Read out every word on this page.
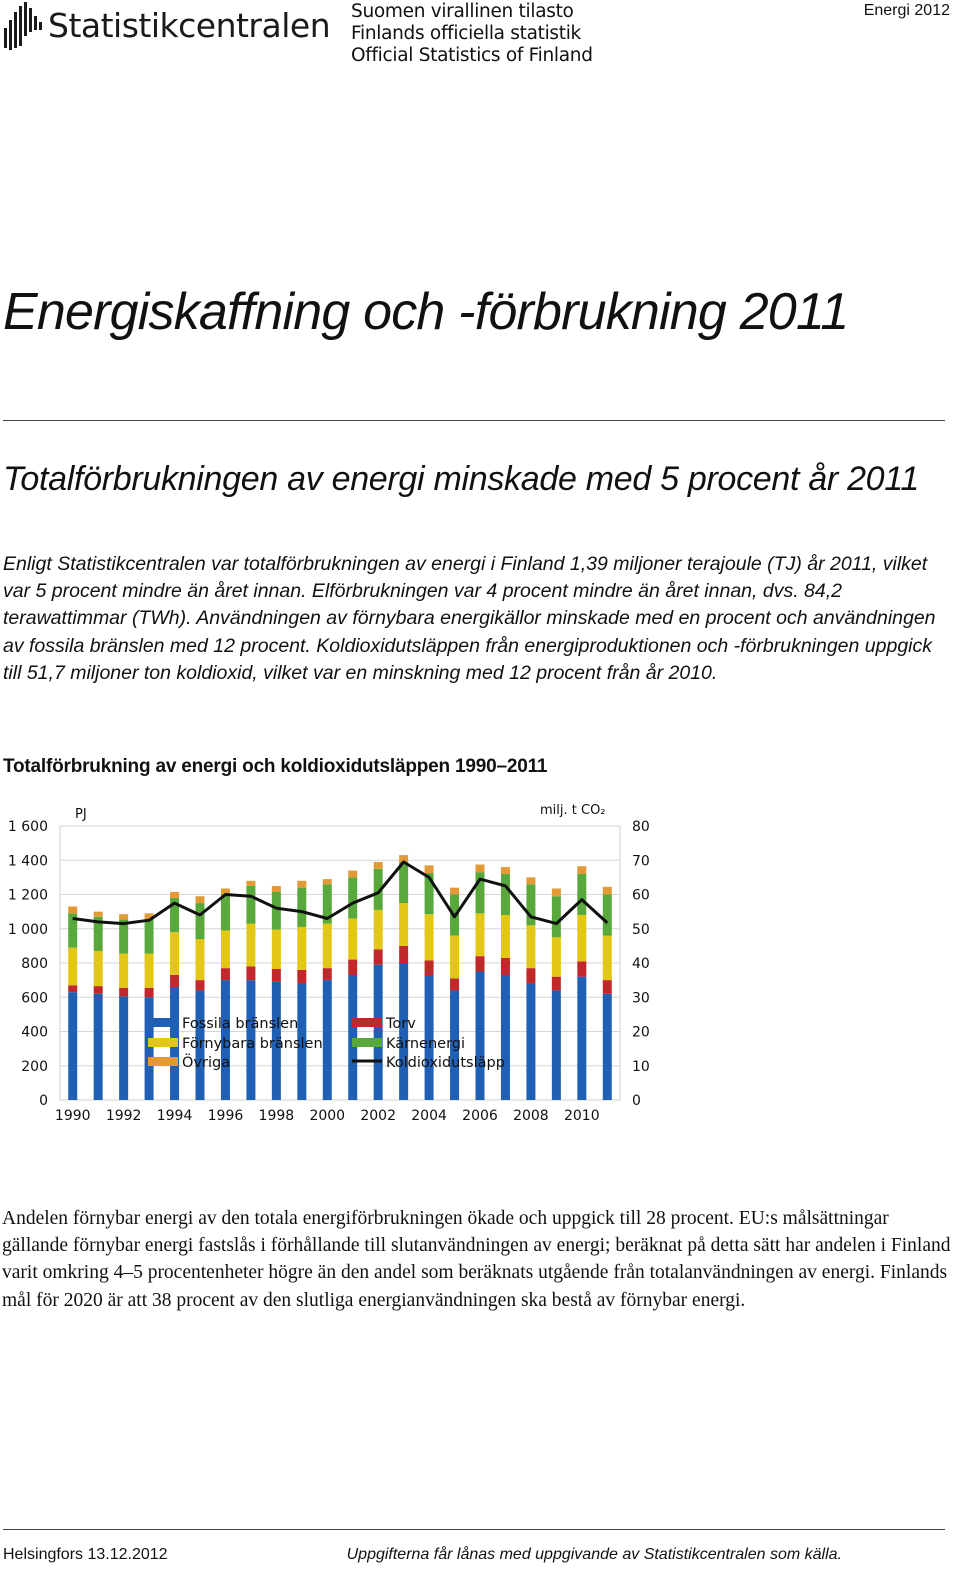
Statistikcentralen Suomen virallinen tilasto
Finlands officiella statistik
Official Statistics of Finland
Energi 2012
Energiskaffning och -förbrukning 2011
Totalförbrukningen av energi minskade med 5 procent år 2011

Enligt Statistikcentralen var totalförbrukningen av energi i Finland 1,39 miljoner terajoule (TJ) år 2011, vilket var 5 procent mindre än året innan. Elförbrukningen var 4 procent mindre än året innan, dvs. 84,2 terawattimmar (TWh). Användningen av förnybara energikällor minskade med en procent och användningen av fossila bränslen med 12 procent. Koldioxidutsläppen från energiproduktionen och -förbrukningen uppgick till 51,7 miljoner ton koldioxid, vilket var en minskning med 12 procent från år 2010.

Totalförbrukning av energi och koldioxidutsläppen 1990–2011
0
200
400
600
800
1 000
1 200
1 400
1 600
0
10
20
30
40
50
60
70
80
PJ	milj. t CO₂
1990 1992 1994 1996 1998 2000 2002 2004 2006 2008 2010
Fossila bränslen	Torv
Förnybara bränslen	Kärnenergi
Övriga	Koldioxidutsläpp

Andelen förnybar energi av den totala energiförbrukningen ökade och uppgick till 28 procent. EU:s målsättningar gällande förnybar energi fastslås i förhållande till slutanvändningen av energi; beräknat på detta sätt har andelen i Finland varit omkring 4–5 procentenheter högre än den andel som beräknats utgående från totalanvändningen av energi. Finlands mål för 2020 är att 38 procent av den slutliga energianvändningen ska bestå av förnybar energi.

Helsingfors 13.12.2012	Uppgifterna får lånas med uppgivande av Statistikcentralen som källa.
